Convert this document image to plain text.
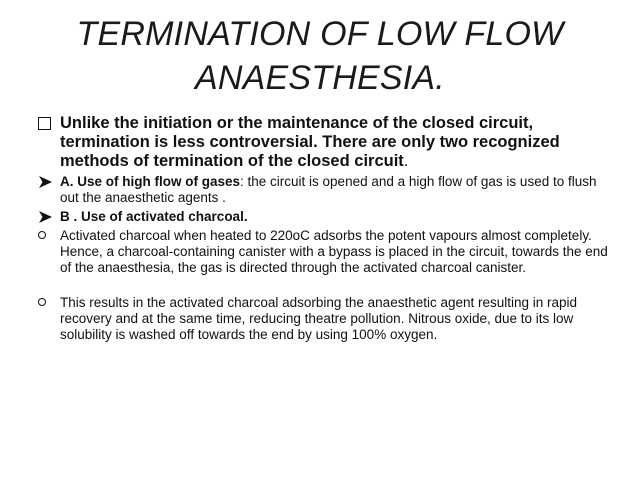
TERMINATION OF LOW FLOW
ANAESTHESIA.
Unlike the initiation or the maintenance of the closed circuit, termination is less controversial. There are only two recognized methods of termination of the closed circuit.
A. Use of high flow of gases: the circuit is opened and a high flow of gas is used to flush out the anaesthetic agents .
B . Use of activated charcoal.
Activated charcoal when heated to 220oC adsorbs the potent vapours almost completely. Hence, a charcoal-containing canister with a bypass is placed in the circuit, towards the end of the anaesthesia, the gas is directed through the activated charcoal canister.
This results in the activated charcoal adsorbing the anaesthetic agent resulting in rapid recovery and at the same time, reducing theatre pollution. Nitrous oxide, due to its low solubility is washed off towards the end by using 100% oxygen.
